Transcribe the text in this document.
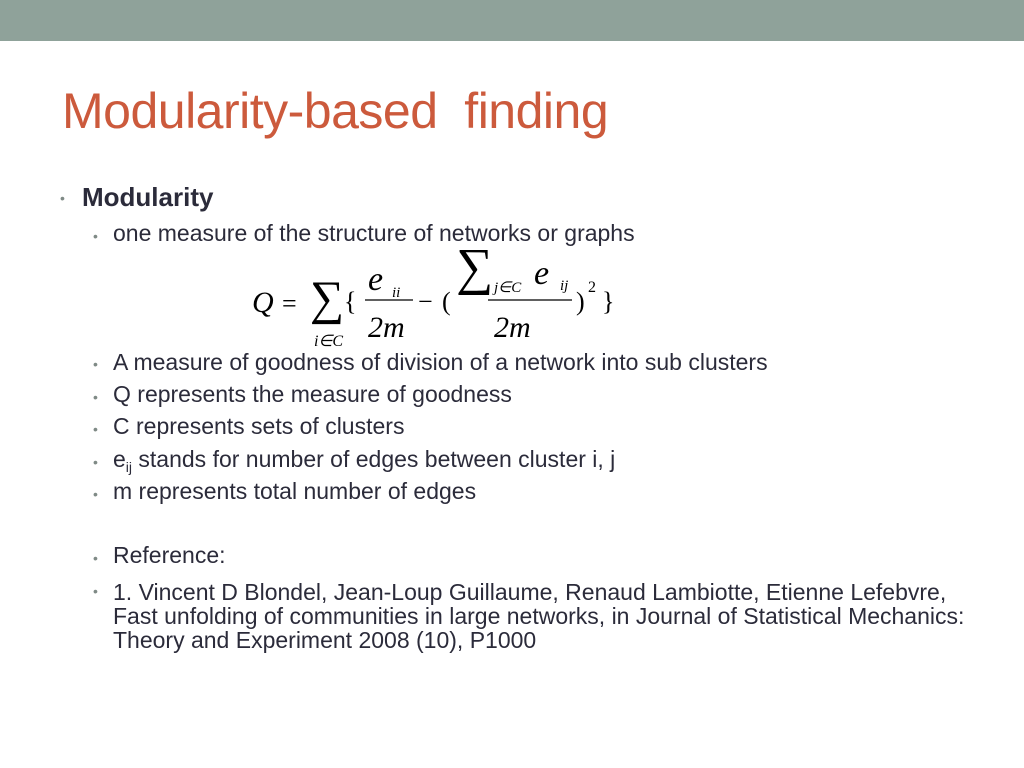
Modularity-based  finding
• Modularity
• one measure of the structure of networks or graphs
Q = ∑
i∈C
{
e ii
2m
− (
∑ j∈C e ij
2m
) 2 }
• A measure of goodness of division of a network into sub clusters
• Q represents the measure of goodness
• C represents sets of clusters
• $e_{ij}$ stands for number of edges between cluster i, j
• m represents total number of edges
• Reference:
• 1. Vincent D Blondel, Jean-Loup Guillaume, Renaud Lambiotte, Etienne Lefebvre, Fast unfolding of communities in large networks, in Journal of Statistical Mechanics: Theory and Experiment 2008 (10), P1000
